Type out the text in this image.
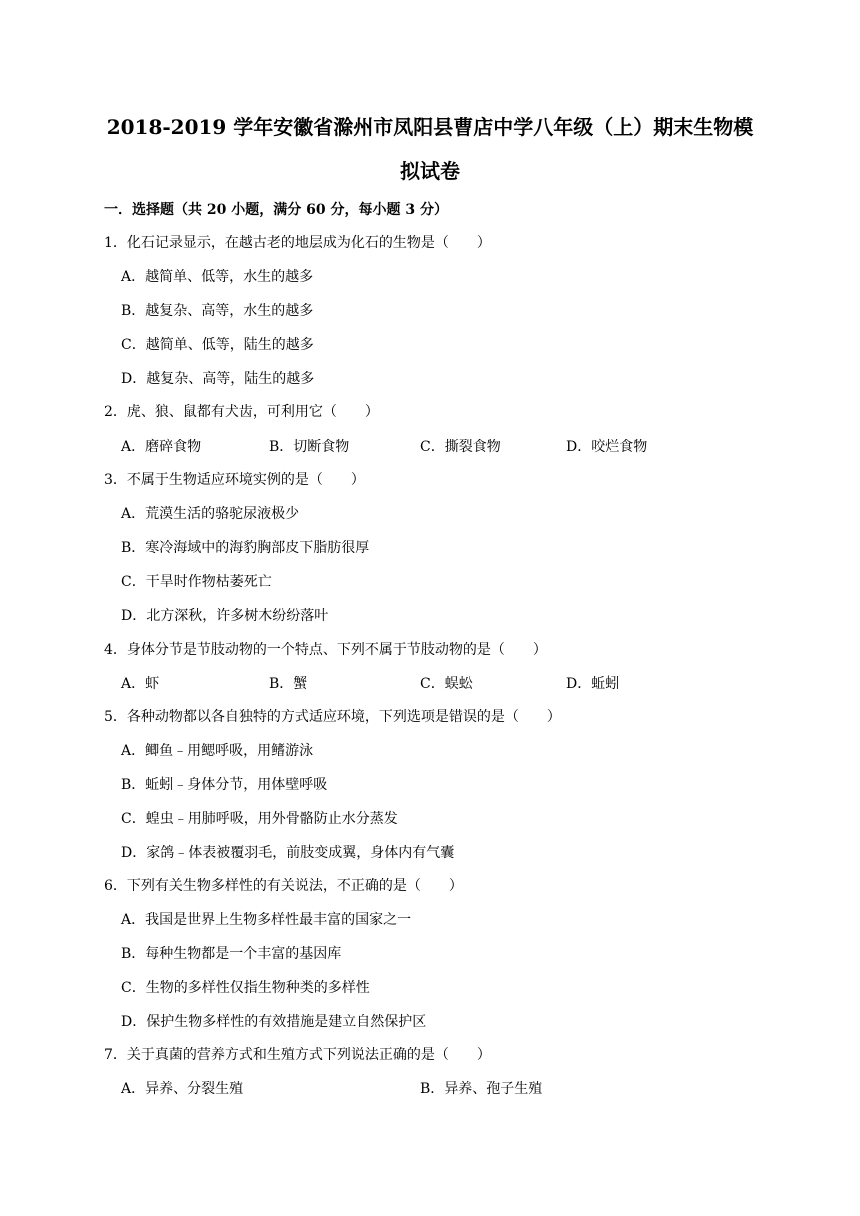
2018-2019 学年安徽省滁州市凤阳县曹店中学八年级（上）期末生物模
拟试卷
一．选择题（共 20 小题，满分 60 分，每小题 3 分）
1．化石记录显示，在越古老的地层成为化石的生物是（　　）
A．越简单、低等，水生的越多
B．越复杂、高等，水生的越多
C．越简单、低等，陆生的越多
D．越复杂、高等，陆生的越多
2．虎、狼、鼠都有犬齿，可利用它（　　）
A．磨碎食物	B．切断食物	C．撕裂食物	D．咬烂食物
3．不属于生物适应环境实例的是（　　）
A．荒漠生活的骆驼尿液极少
B．寒冷海域中的海豹胸部皮下脂肪很厚
C．干旱时作物枯萎死亡
D．北方深秋，许多树木纷纷落叶
4．身体分节是节肢动物的一个特点、下列不属于节肢动物的是（　　）
A．虾	B．蟹	C．蜈蚣	D．蚯蚓
5．各种动物都以各自独特的方式适应环境，下列选项是错误的是（　　）
A．鲫鱼﹣用鳃呼吸，用鳍游泳
B．蚯蚓﹣身体分节，用体壁呼吸
C．蝗虫﹣用肺呼吸，用外骨骼防止水分蒸发
D．家鸽﹣体表被覆羽毛，前肢变成翼，身体内有气囊
6．下列有关生物多样性的有关说法，不正确的是（　　）
A．我国是世界上生物多样性最丰富的国家之一
B．每种生物都是一个丰富的基因库
C．生物的多样性仅指生物种类的多样性
D．保护生物多样性的有效措施是建立自然保护区
7．关于真菌的营养方式和生殖方式下列说法正确的是（　　）
A．异养、分裂生殖	B．异养、孢子生殖
